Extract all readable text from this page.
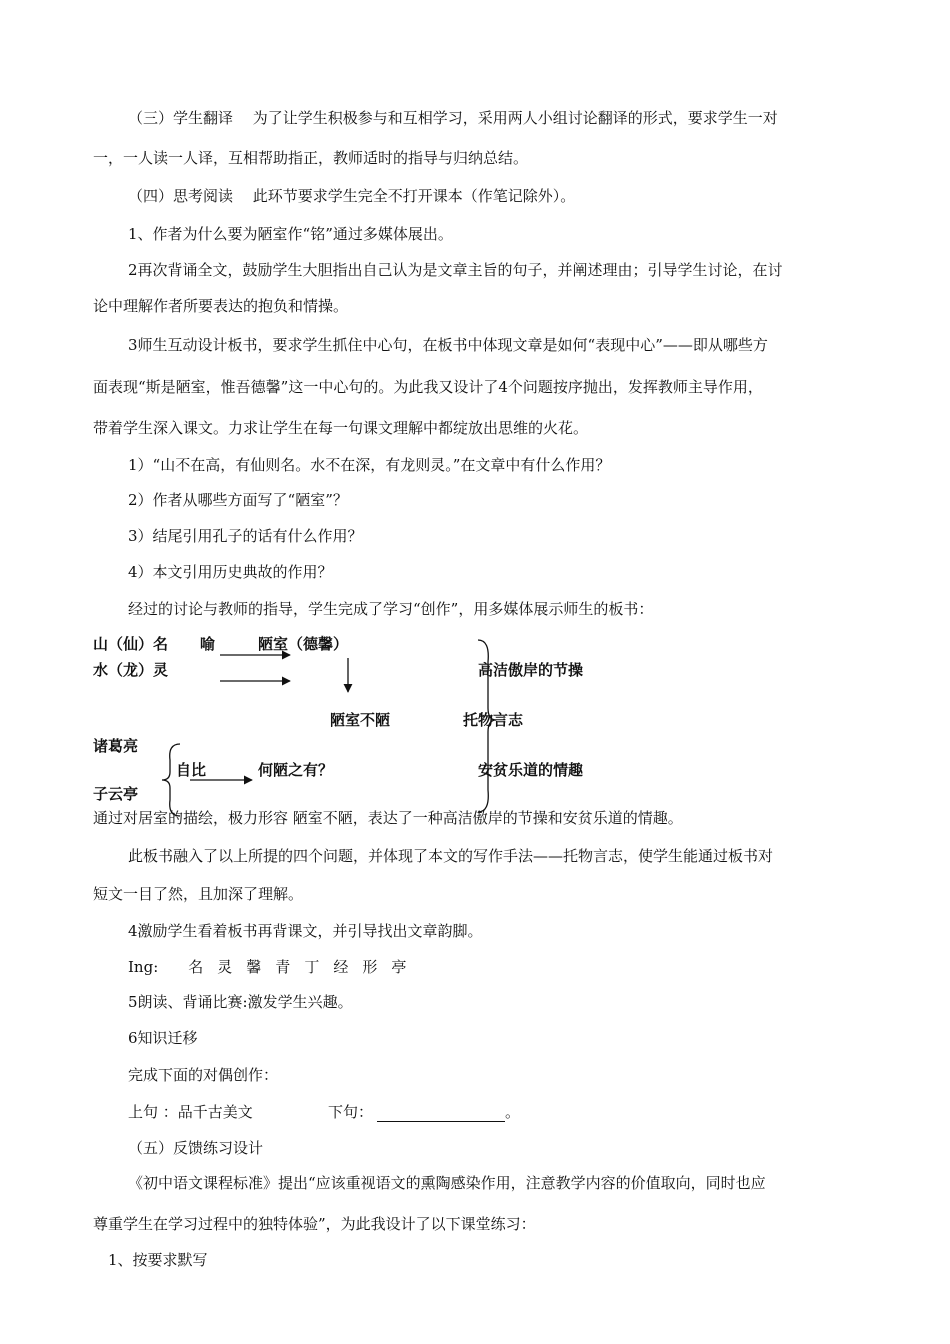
（三）学生翻译　 为了让学生积极参与和互相学习，采用两人小组讨论翻译的形式，要求学生一对
一，一人读一人译，互相帮助指正，教师适时的指导与归纳总结。
（四）思考阅读　 此环节要求学生完全不打开课本（作笔记除外）。
1、作者为什么要为陋室作“铭”通过多媒体展出。
2再次背诵全文，鼓励学生大胆指出自己认为是文章主旨的句子，并阐述理由；引导学生讨论，在讨
论中理解作者所要表达的抱负和情操。
3师生互动设计板书，要求学生抓住中心句，在板书中体现文章是如何“表现中心”——即从哪些方
面表现“斯是陋室，惟吾德馨”这一中心句的。为此我又设计了4个问题按序抛出，发挥教师主导作用，
带着学生深入课文。力求让学生在每一句课文理解中都绽放出思维的火花。
1）“山不在高，有仙则名。水不在深，有龙则灵。”在文章中有什么作用？
2）作者从哪些方面写了“陋室”？
3）结尾引用孔子的话有什么作用？
4）本文引用历史典故的作用？
经过的讨论与教师的指导，学生完成了学习“创作”，用多媒体展示师生的板书：
山（仙）名 喻	陋室（德馨）
水（龙）灵	高洁傲岸的节操
陋室不陋	托物言志
诸葛亮
自比	何陋之有？	安贫乐道的情趣
子云亭
通过对居室的描绘，极力形容 陋室不陋，表达了一种高洁傲岸的节操和安贫乐道的情趣。
此板书融入了以上所提的四个问题，并体现了本文的写作手法——托物言志，使学生能通过板书对
短文一目了然，且加深了理解。
4激励学生看着板书再背课文，并引导找出文章韵脚。
Ing: 名 灵 馨 青 丁 经 形 亭
5朗读、背诵比赛:激发学生兴趣。
6知识迁移
完成下面的对偶创作：
上句 ：品千古美文	下句：	。
（五）反馈练习设计
《初中语文课程标准》提出“应该重视语文的熏陶感染作用，注意教学内容的价值取向，同时也应
尊重学生在学习过程中的独特体验”，为此我设计了以下课堂练习：
1、按要求默写
